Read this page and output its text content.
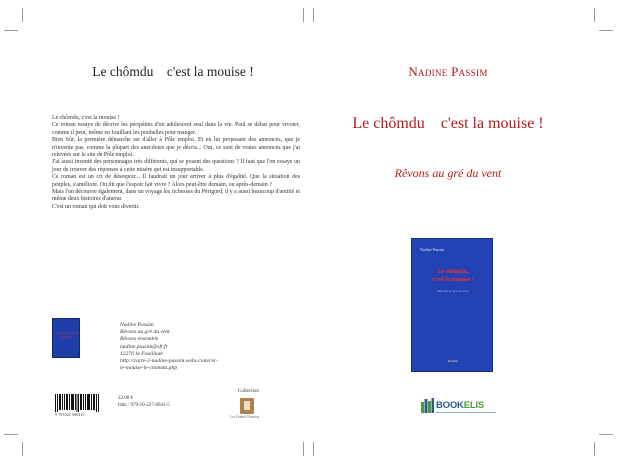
Le chômdu    c'est la mouise !

Le chômdu, c'est la mouise !

Ce roman essaye de décrire les péripéties d'un adolescent seul dans la vie. Paul se débat pour vivoter, comme il peut, même en fouillant les poubelles pour manger.

Bien Sûr, la première démarche est d'aller à Pôle emploi. Et en lui proposant des annonces, que je n'invente pas, comme la plupart des anecdotes que je décris... Oui, ce sont de vraies annonces que j'ai relevées sur le site de Pôle emploi.

J'ai aussi inventé des personnages très différents, qui se posent des questions ? Il faut que l'on essaye un jour de trouver des réponses à cette misère qui est insupportable.

Ce roman est un cri de désespoir... Il faudrait un jour arriver à plus d'égalité. Que la situation des peuples, s'améliore. Ou dit que l'espoir fait vivre ? Alors peut-être demain, ou après-demain ?

Mais l'on découvre également, dans un voyage les richesses du Périgord, il y a aussi beaucoup d'amitié et même deux histoires d'amour.

C'est un roman qui doit vous divertir.

Le chômdu, c'est la mouise !
Nadine Passim
Rêvons au gré du vent
Rêvons ensemble
nadine.passim@sfr.fr
12270 la Fouillade
http://carte-2-nadine-passim.webs.com/cer-
le-mouise-le-chomdu.php
Collection
Les Grands Formats
9 791022 500415
22.00 €
Isbn : 979-10-227-0041-5
Nadine Passim
Le chômdu    c'est la mouise !
Rêvons au gré du vent
Nadine Passim
Le chômdu,
c'est la mouise !
Rêvons au gré du vent
Roman
BOOKELIS
